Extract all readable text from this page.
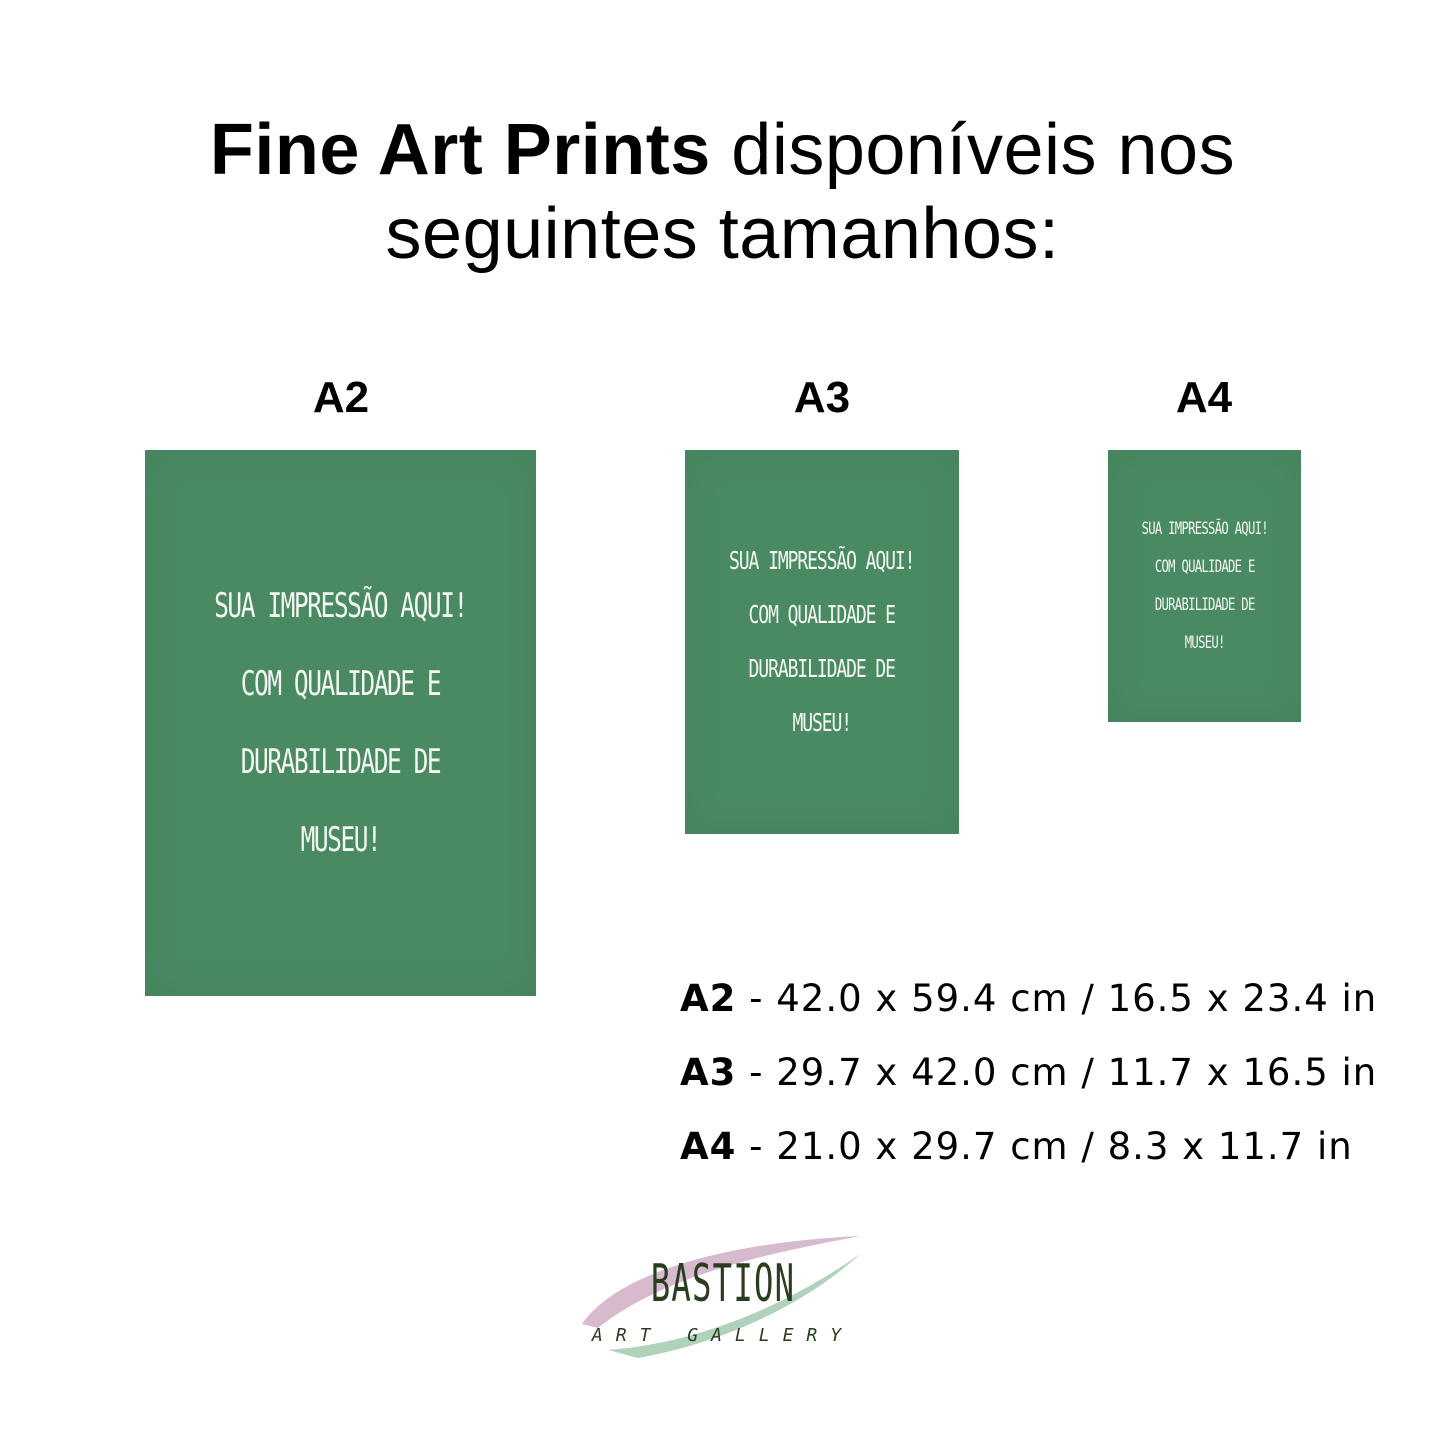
Fine Art Prints disponíveis nos
seguintes tamanhos:
A2	A3	A4
SUA IMPRESSÃO AQUI!
COM QUALIDADE E
DURABILIDADE DE
MUSEU!
SUA IMPRESSÃO AQUI!
COM QUALIDADE E
DURABILIDADE DE
MUSEU!
SUA IMPRESSÃO AQUI!
COM QUALIDADE E
DURABILIDADE DE
MUSEU!
A2 - 42.0 x 59.4 cm / 16.5 x 23.4 in
A3 - 29.7 x 42.0 cm / 11.7 x 16.5 in
A4 - 21.0 x 29.7 cm / 8.3 x 11.7 in
BASTION
ART GALLERY
